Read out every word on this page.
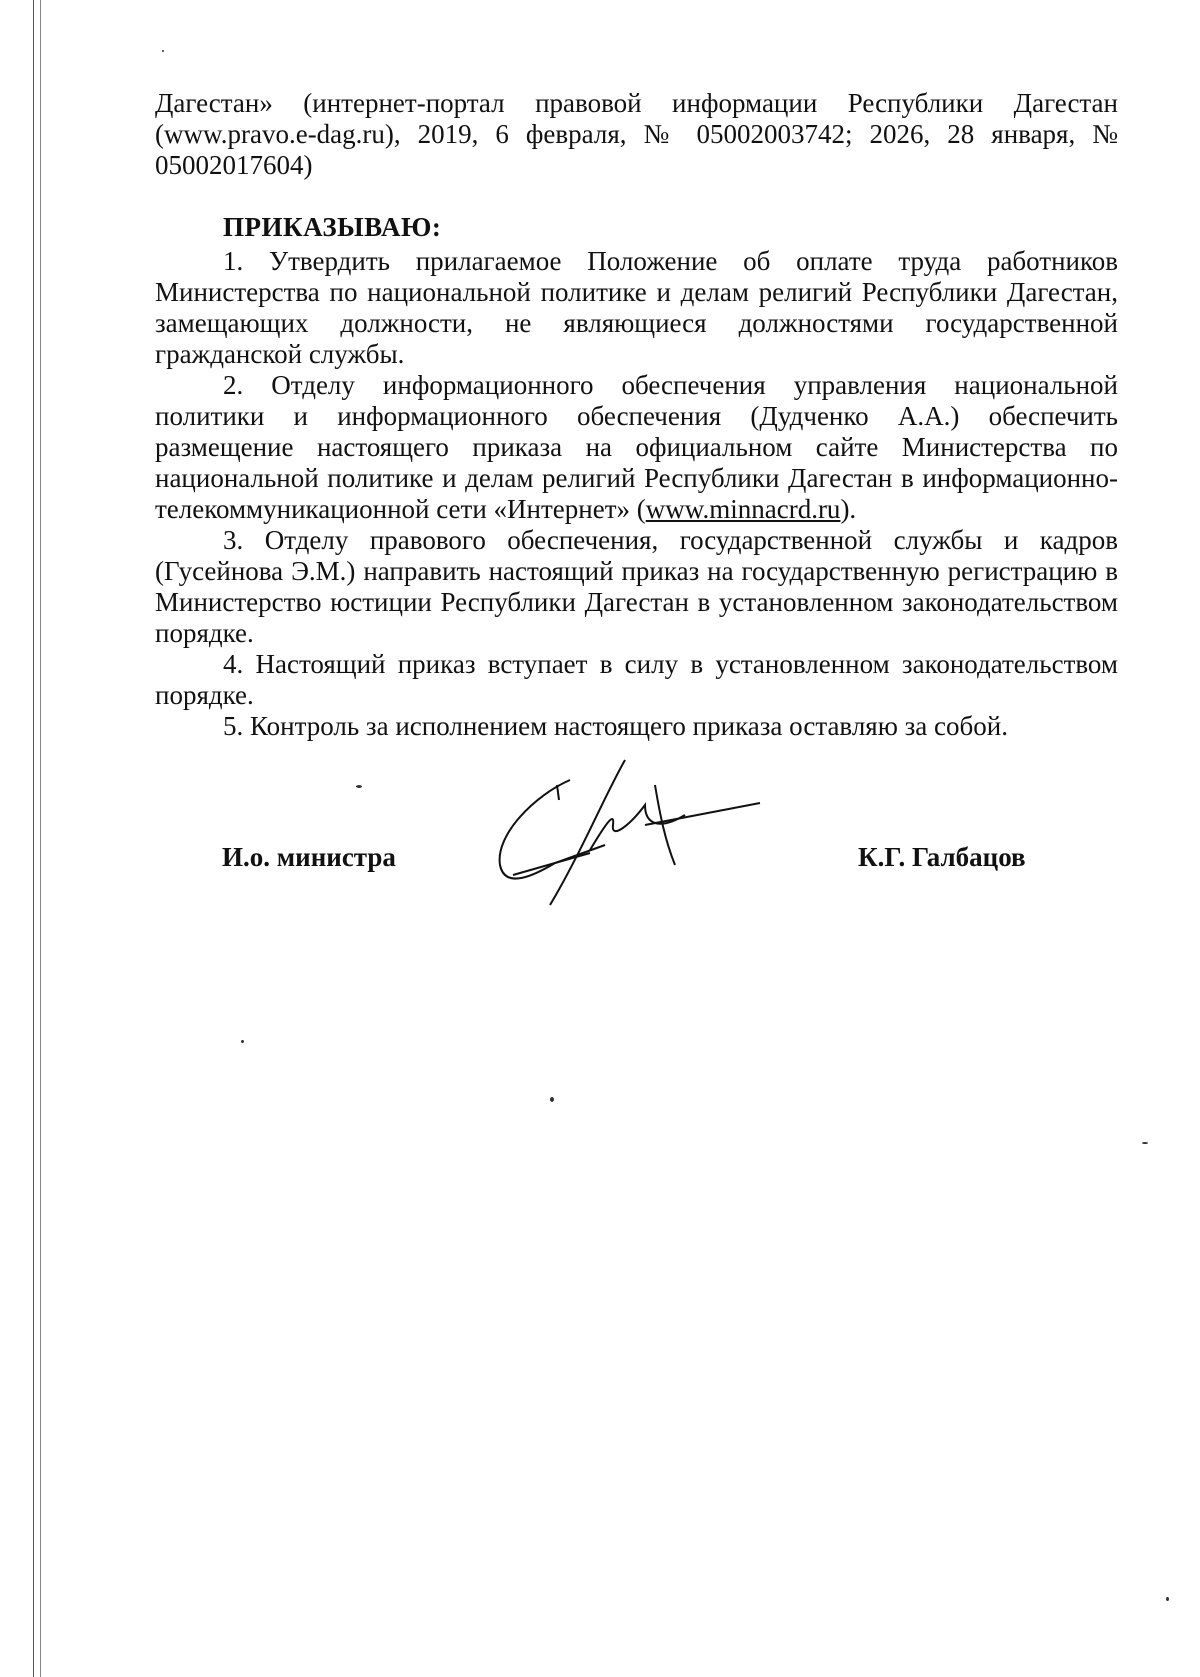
Дагестан» (интернет-портал правовой информации Республики Дагестан (www.pravo.e-dag.ru), 2019, 6 февраля, № 05002003742; 2026, 28 января, № 05002017604)

ПРИКАЗЫВАЮ:

1. Утвердить прилагаемое Положение об оплате труда работников Министерства по национальной политике и делам религий Республики Дагестан, замещающих должности, не являющиеся должностями государственной гражданской службы.

2. Отделу информационного обеспечения управления национальной политики и информационного обеспечения (Дудченко А.А.) обеспечить размещение настоящего приказа на официальном сайте Министерства по национальной политике и делам религий Республики Дагестан в информационно-телекоммуникационной сети «Интернет» (www.minnacrd.ru).

3. Отделу правового обеспечения, государственной службы и кадров (Гусейнова Э.М.) направить настоящий приказ на государственную регистрацию в Министерство юстиции Республики Дагестан в установленном законодательством порядке.

4. Настоящий приказ вступает в силу в установленном законодательством порядке.

5. Контроль за исполнением настоящего приказа оставляю за собой.

И.о. министра	К.Г. Галбацов
